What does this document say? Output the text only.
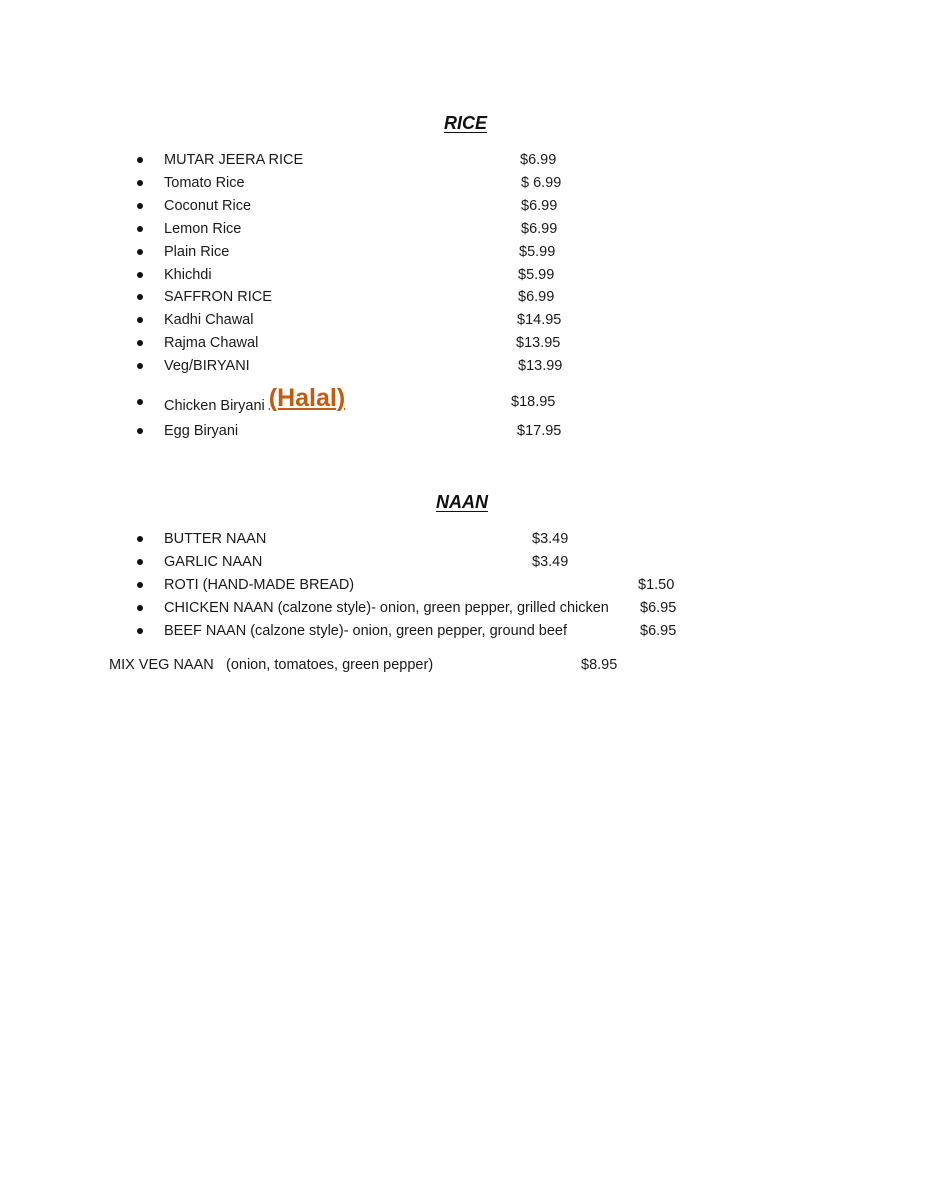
RICE
MUTAR JEERA RICE	$6.99
Tomato Rice	$ 6.99
Coconut Rice	$6.99
Lemon Rice	$6.99
Plain Rice	$5.99
Khichdi	$5.99
SAFFRON RICE	$6.99
Kadhi Chawal	$14.95
Rajma Chawal	$13.95
Veg/BIRYANI	$13.99
Chicken Biryani (Halal)	$18.95
Egg Biryani	$17.95
NAAN
BUTTER NAAN	$3.49
GARLIC NAAN	$3.49
ROTI (HAND-MADE BREAD)	$1.50
CHICKEN NAAN (calzone style)- onion, green pepper, grilled chicken $6.95
BEEF NAAN (calzone style)- onion, green pepper, ground beef	$6.95
MIX VEG NAAN (onion, tomatoes, green pepper)	$8.95
